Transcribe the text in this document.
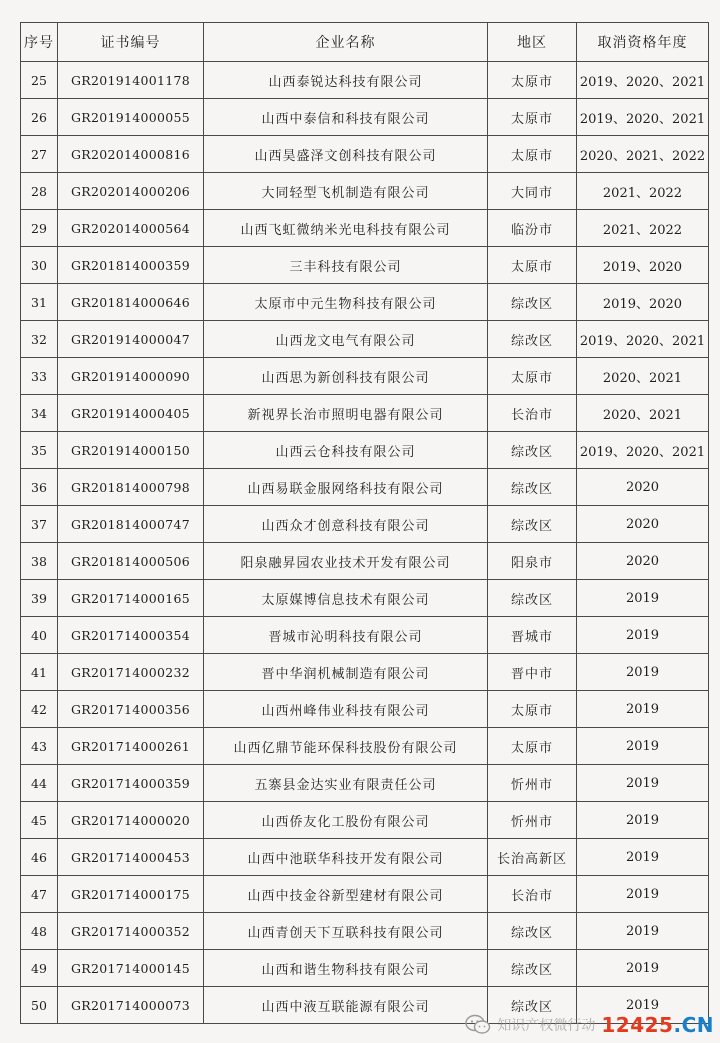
序号	证书编号	企业名称	地区	取消资格年度
25	GR201914001178	山西泰锐达科技有限公司	太原市	2019、2020、2021
26	GR201914000055	山西中泰信和科技有限公司	太原市	2019、2020、2021
27	GR202014000816	山西昊盛泽文创科技有限公司	太原市	2020、2021、2022
28	GR202014000206	大同轻型飞机制造有限公司	大同市	2021、2022
29	GR202014000564	山西飞虹微纳米光电科技有限公司	临汾市	2021、2022
30	GR201814000359	三丰科技有限公司	太原市	2019、2020
31	GR201814000646	太原市中元生物科技有限公司	综改区	2019、2020
32	GR201914000047	山西龙文电气有限公司	综改区	2019、2020、2021
33	GR201914000090	山西思为新创科技有限公司	太原市	2020、2021
34	GR201914000405	新视界长治市照明电器有限公司	长治市	2020、2021
35	GR201914000150	山西云仓科技有限公司	综改区	2019、2020、2021
36	GR201814000798	山西易联金服网络科技有限公司	综改区	2020
37	GR201814000747	山西众才创意科技有限公司	综改区	2020
38	GR201814000506	阳泉融昇园农业技术开发有限公司	阳泉市	2020
39	GR201714000165	太原媒博信息技术有限公司	综改区	2019
40	GR201714000354	晋城市沁明科技有限公司	晋城市	2019
41	GR201714000232	晋中华润机械制造有限公司	晋中市	2019
42	GR201714000356	山西州峰伟业科技有限公司	太原市	2019
43	GR201714000261	山西亿鼎节能环保科技股份有限公司	太原市	2019
44	GR201714000359	五寨县金达实业有限责任公司	忻州市	2019
45	GR201714000020	山西侨友化工股份有限公司	忻州市	2019
46	GR201714000453	山西中池联华科技开发有限公司	长治高新区	2019
47	GR201714000175	山西中技金谷新型建材有限公司	长治市	2019
48	GR201714000352	山西青创天下互联科技有限公司	综改区	2019
49	GR201714000145	山西和谐生物科技有限公司	综改区	2019
50	GR201714000073	山西中液互联能源有限公司	综改区	2019
知识产权微行动 12425.CN
